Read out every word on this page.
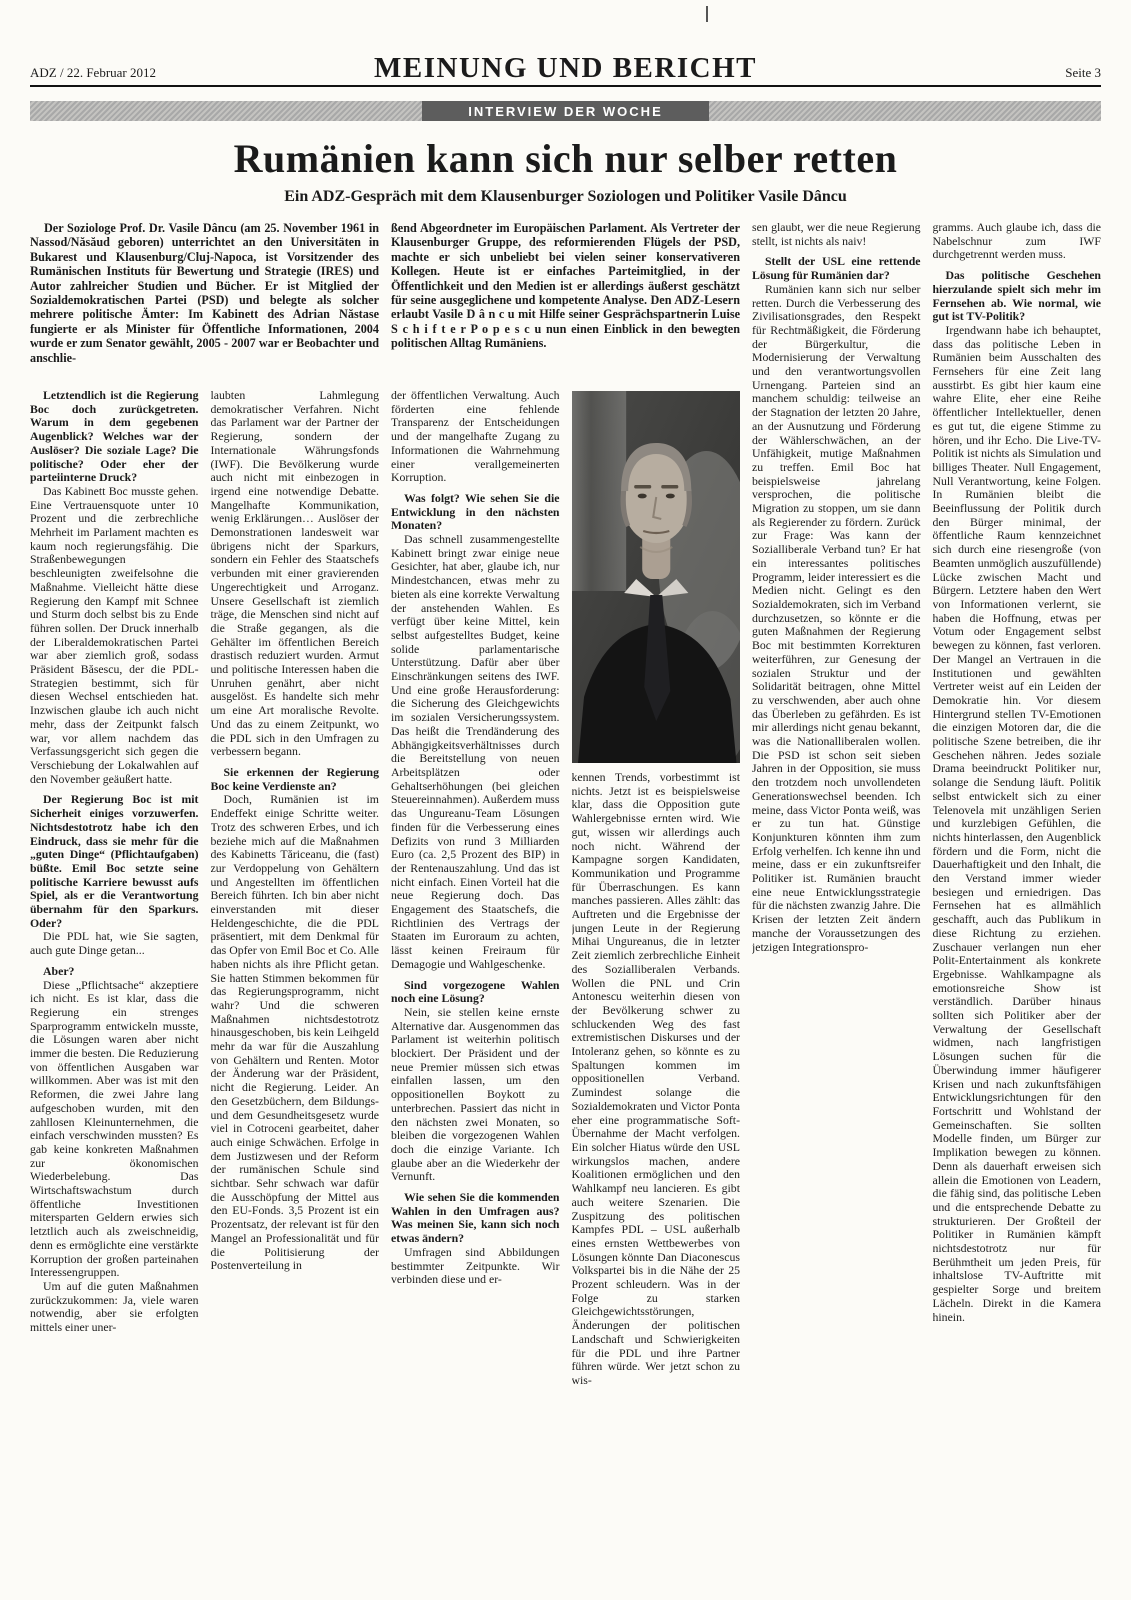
ADZ / 22. Februar 2012	MEINUNG UND BERICHT	Seite 3
INTERVIEW DER WOCHE
Rumänien kann sich nur selber retten

Ein ADZ-Gespräch mit dem Klausenburger Soziologen und Politiker Vasile Dâncu

Der Soziologe Prof. Dr. Vasile Dâncu (am 25. November 1961 in Nassod/Năsăud geboren) unterrichtet an den Universitäten in Bukarest und Klausenburg/Cluj-Napoca, ist Vorsitzender des Rumänischen Instituts für Bewertung und Strategie (IRES) und Autor zahlreicher Studien und Bücher. Er ist Mitglied der Sozialdemokratischen Partei (PSD) und belegte als solcher mehrere politische Ämter: Im Kabinett des Adrian Năstase fungierte er als Minister für Öffentliche Informationen, 2004 wurde er zum Senator gewählt, 2005 - 2007 war er Beobachter und anschlie-
ßend Abgeordneter im Europäischen Parlament. Als Vertreter der Klausenburger Gruppe, des reformierenden Flügels der PSD, machte er sich unbeliebt bei vielen seiner konservativeren Kollegen. Heute ist er einfaches Parteimitglied, in der Öffentlichkeit und den Medien ist er allerdings äußerst geschätzt für seine ausgeglichene und kompetente Analyse. Den ADZ-Lesern erlaubt Vasile D â n c u mit Hilfe seiner Gesprächspartnerin Luise S c h i f t e r P o p e s c u nun einen Einblick in den bewegten politischen Alltag Rumäniens.

Letztendlich ist die Regierung Boc doch zurückgetreten. Warum in dem gegebenen Augenblick? Welches war der Auslöser? Die soziale Lage? Die politische? Oder eher der parteiinterne Druck?

Das Kabinett Boc musste gehen. Eine Vertrauensquote unter 10 Prozent und die zerbrechliche Mehrheit im Parlament machten es kaum noch regierungsfähig. Die Straßenbewegungen beschleunigten zweifelsohne die Maßnahme. Vielleicht hätte diese Regierung den Kampf mit Schnee und Sturm doch selbst bis zu Ende führen sollen. Der Druck innerhalb der Liberaldemokratischen Partei war aber ziemlich groß, sodass Präsident Băsescu, der die PDL-Strategien bestimmt, sich für diesen Wechsel entschieden hat. Inzwischen glaube ich auch nicht mehr, dass der Zeitpunkt falsch war, vor allem nachdem das Verfassungsgericht sich gegen die Verschiebung der Lokalwahlen auf den November geäußert hatte.

Der Regierung Boc ist mit Sicherheit einiges vorzuwerfen. Nichtsdestotrotz habe ich den Eindruck, dass sie mehr für die „guten Dinge“ (Pflichtaufgaben) büßte. Emil Boc setzte seine politische Karriere bewusst aufs Spiel, als er die Verantwortung übernahm für den Sparkurs. Oder?

Die PDL hat, wie Sie sagten, auch gute Dinge getan...

Aber?

Diese „Pflichtsache“ akzeptiere ich nicht. Es ist klar, dass die Regierung ein strenges Sparprogramm entwickeln musste, die Lösungen waren aber nicht immer die besten. Die Reduzierung von öffentlichen Ausgaben war willkommen. Aber was ist mit den Reformen, die zwei Jahre lang aufgeschoben wurden, mit den zahllosen Kleinunternehmen, die einfach verschwinden mussten? Es gab keine konkreten Maßnahmen zur ökonomischen Wiederbelebung. Das Wirtschaftswachstum durch öffentliche Investitionen mitersparten Geldern erwies sich letztlich auch als zweischneidig, denn es ermöglichte eine verstärkte Korruption der großen parteinahen Interessengruppen.

Um auf die guten Maßnahmen zurückzukommen: Ja, viele waren notwendig, aber sie erfolgten mittels einer uner-

laubten Lahmlegung demokratischer Verfahren. Nicht das Parlament war der Partner der Regierung, sondern der Internationale Währungsfonds (IWF). Die Bevölkerung wurde auch nicht mit einbezogen in irgend eine notwendige Debatte. Mangelhafte Kommunikation, wenig Erklärungen… Auslöser der Demonstrationen landesweit war übrigens nicht der Sparkurs, sondern ein Fehler des Staatschefs verbunden mit einer gravierenden Ungerechtigkeit und Arroganz. Unsere Gesellschaft ist ziemlich träge, die Menschen sind nicht auf die Straße gegangen, als die Gehälter im öffentlichen Bereich drastisch reduziert wurden. Armut und politische Interessen haben die Unruhen genährt, aber nicht ausgelöst. Es handelte sich mehr um eine Art moralische Revolte. Und das zu einem Zeitpunkt, wo die PDL sich in den Umfragen zu verbessern begann.

Sie erkennen der Regierung Boc keine Verdienste an?

Doch, Rumänien ist im Endeffekt einige Schritte weiter. Trotz des schweren Erbes, und ich beziehe mich auf die Maßnahmen des Kabinetts Tăriceanu, die (fast) zur Verdoppelung von Gehältern und Angestellten im öffentlichen Bereich führten. Ich bin aber nicht einverstanden mit dieser Heldengeschichte, die die PDL präsentiert, mit dem Denkmal für das Opfer von Emil Boc et Co. Alle haben nichts als ihre Pflicht getan. Sie hatten Stimmen bekommen für das Regierungsprogramm, nicht wahr? Und die schweren Maßnahmen nichtsdestotrotz hinausgeschoben, bis kein Leihgeld mehr da war für die Auszahlung von Gehältern und Renten. Motor der Änderung war der Präsident, nicht die Regierung. Leider. An den Gesetzbüchern, dem Bildungs- und dem Gesundheitsgesetz wurde viel in Cotroceni gearbeitet, daher auch einige Schwächen. Erfolge in dem Justizwesen und der Reform der rumänischen Schule sind sichtbar. Sehr schwach war dafür die Ausschöpfung der Mittel aus den EU-Fonds. 3,5 Prozent ist ein Prozentsatz, der relevant ist für den Mangel an Professionalität und für die Politisierung der Postenverteilung in

der öffentlichen Verwaltung. Auch förderten eine fehlende Transparenz der Entscheidungen und der mangelhafte Zugang zu Informationen die Wahrnehmung einer verallgemeinerten Korruption.

Was folgt? Wie sehen Sie die Entwicklung in den nächsten Monaten?

Das schnell zusammengestellte Kabinett bringt zwar einige neue Gesichter, hat aber, glaube ich, nur Mindestchancen, etwas mehr zu bieten als eine korrekte Verwaltung der anstehenden Wahlen. Es verfügt über keine Mittel, kein selbst aufgestelltes Budget, keine solide parlamentarische Unterstützung. Dafür aber über Einschränkungen seitens des IWF. Und eine große Herausforderung: die Sicherung des Gleichgewichts im sozialen Versicherungssystem. Das heißt die Trendänderung des Abhängigkeitsverhältnisses durch die Bereitstellung von neuen Arbeitsplätzen oder Gehaltserhöhungen (bei gleichen Steuereinnahmen). Außerdem muss das Ungureanu-Team Lösungen finden für die Verbesserung eines Defizits von rund 3 Milliarden Euro (ca. 2,5 Prozent des BIP) in der Rentenauszahlung. Und das ist nicht einfach. Einen Vorteil hat die neue Regierung doch. Das Engagement des Staatschefs, die Richtlinien des Vertrags der Staaten im Euroraum zu achten, lässt keinen Freiraum für Demagogie und Wahlgeschenke.

Sind vorgezogene Wahlen noch eine Lösung?

Nein, sie stellen keine ernste Alternative dar. Ausgenommen das Parlament ist weiterhin politisch blockiert. Der Präsident und der neue Premier müssen sich etwas einfallen lassen, um den oppositionellen Boykott zu unterbrechen. Passiert das nicht in den nächsten zwei Monaten, so bleiben die vorgezogenen Wahlen doch die einzige Variante. Ich glaube aber an die Wiederkehr der Vernunft.

Wie sehen Sie die kommenden Wahlen in den Umfragen aus? Was meinen Sie, kann sich noch etwas ändern?

Umfragen sind Abbildungen bestimmter Zeitpunkte. Wir verbinden diese und er-

kennen Trends, vorbestimmt ist nichts. Jetzt ist es beispielsweise klar, dass die Opposition gute Wahlergebnisse ernten wird. Wie gut, wissen wir allerdings auch noch nicht. Während der Kampagne sorgen Kandidaten, Kommunikation und Programme für Überraschungen. Es kann manches passieren. Alles zählt: das Auftreten und die Ergebnisse der jungen Leute in der Regierung Mihai Ungureanus, die in letzter Zeit ziemlich zerbrechliche Einheit des Sozialliberalen Verbands. Wollen die PNL und Crin Antonescu weiterhin diesen von der Bevölkerung schwer zu schluckenden Weg des fast extremistischen Diskurses und der Intoleranz gehen, so könnte es zu Spaltungen kommen im oppositionellen Verband. Zumindest solange die Sozialdemokraten und Victor Ponta eher eine programmatische Soft-Übernahme der Macht verfolgen. Ein solcher Hiatus würde den USL wirkungslos machen, andere Koalitionen ermöglichen und den Wahlkampf neu lancieren. Es gibt auch weitere Szenarien. Die Zuspitzung des politischen Kampfes PDL – USL außerhalb eines ernsten Wettbewerbes von Lösungen könnte Dan Diaconescus Volkspartei bis in die Nähe der 25 Prozent schleudern. Was in der Folge zu starken Gleichgewichtsstörungen, Änderungen der politischen Landschaft und Schwierigkeiten für die PDL und ihre Partner führen würde. Wer jetzt schon zu wis-

sen glaubt, wer die neue Regierung stellt, ist nichts als naiv!

Stellt der USL eine rettende Lösung für Rumänien dar?

Rumänien kann sich nur selber retten. Durch die Verbesserung des Zivilisationsgrades, den Respekt für Rechtmäßigkeit, die Förderung der Bürgerkultur, die Modernisierung der Verwaltung und den verantwortungsvollen Urnengang. Parteien sind an manchem schuldig: teilweise an der Stagnation der letzten 20 Jahre, an der Ausnutzung und Förderung der Wählerschwächen, an der Unfähigkeit, mutige Maßnahmen zu treffen. Emil Boc hat beispielsweise jahrelang versprochen, die politische Migration zu stoppen, um sie dann als Regierender zu fördern. Zurück zur Frage: Was kann der Sozialliberale Verband tun? Er hat ein interessantes politisches Programm, leider interessiert es die Medien nicht. Gelingt es den Sozialdemokraten, sich im Verband durchzusetzen, so könnte er die guten Maßnahmen der Regierung Boc mit bestimmten Korrekturen weiterführen, zur Genesung der sozialen Struktur und der Solidarität beitragen, ohne Mittel zu verschwenden, aber auch ohne das Überleben zu gefährden. Es ist mir allerdings nicht genau bekannt, was die Nationalliberalen wollen. Die PSD ist schon seit sieben Jahren in der Opposition, sie muss den trotzdem noch unvollendeten Generationswechsel beenden. Ich meine, dass Victor Ponta weiß, was er zu tun hat. Günstige Konjunkturen könnten ihm zum Erfolg verhelfen. Ich kenne ihn und meine, dass er ein zukunftsreifer Politiker ist. Rumänien braucht eine neue Entwicklungsstrategie für die nächsten zwanzig Jahre. Die Krisen der letzten Zeit ändern manche der Voraussetzungen des jetzigen Integrationspro-

gramms. Auch glaube ich, dass die Nabelschnur zum IWF durchgetrennt werden muss.

Das politische Geschehen hierzulande spielt sich mehr im Fernsehen ab. Wie normal, wie gut ist TV-Politik?

Irgendwann habe ich behauptet, dass das politische Leben in Rumänien beim Ausschalten des Fernsehers für eine Zeit lang ausstirbt. Es gibt hier kaum eine wahre Elite, eher eine Reihe öffentlicher Intellektueller, denen es gut tut, die eigene Stimme zu hören, und ihr Echo. Die Live-TV-Politik ist nichts als Simulation und billiges Theater. Null Engagement, Null Verantwortung, keine Folgen. In Rumänien bleibt die Beeinflussung der Politik durch den Bürger minimal, der öffentliche Raum kennzeichnet sich durch eine riesengroße (von Beamten unmöglich auszufüllende) Lücke zwischen Macht und Bürgern. Letztere haben den Wert von Informationen verlernt, sie haben die Hoffnung, etwas per Votum oder Engagement selbst bewegen zu können, fast verloren. Der Mangel an Vertrauen in die Institutionen und gewählten Vertreter weist auf ein Leiden der Demokratie hin. Vor diesem Hintergrund stellen TV-Emotionen die einzigen Motoren dar, die die politische Szene betreiben, die ihr Geschehen nähren. Jedes soziale Drama beeindruckt Politiker nur, solange die Sendung läuft. Politik selbst entwickelt sich zu einer Telenovela mit unzähligen Serien und kurzlebigen Gefühlen, die nichts hinterlassen, den Augenblick fördern und die Form, nicht die Dauerhaftigkeit und den Inhalt, die den Verstand immer wieder besiegen und erniedrigen. Das Fernsehen hat es allmählich geschafft, auch das Publikum in diese Richtung zu erziehen. Zuschauer verlangen nun eher Polit-Entertainment als konkrete Ergebnisse. Wahlkampagne als emotionsreiche Show ist verständlich. Darüber hinaus sollten sich Politiker aber der Verwaltung der Gesellschaft widmen, nach langfristigen Lösungen suchen für die Überwindung immer häufigerer Krisen und nach zukunftsfähigen Entwicklungsrichtungen für den Fortschritt und Wohlstand der Gemeinschaften. Sie sollten Modelle finden, um Bürger zur Implikation bewegen zu können. Denn als dauerhaft erweisen sich allein die Emotionen von Leadern, die fähig sind, das politische Leben und die entsprechende Debatte zu strukturieren. Der Großteil der Politiker in Rumänien kämpft nichtsdestotrotz nur für Berühmtheit um jeden Preis, für inhaltslose TV-Auftritte mit gespielter Sorge und breitem Lächeln. Direkt in die Kamera hinein.
